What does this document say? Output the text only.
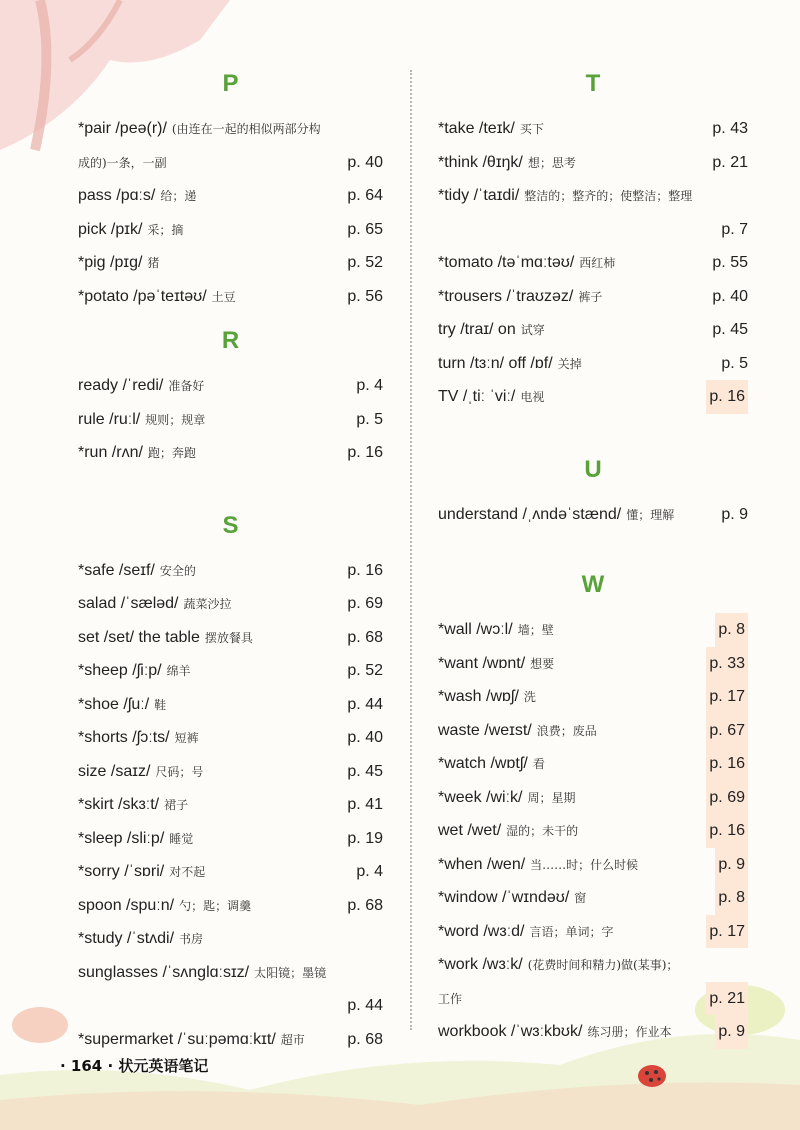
P
*pair /peə(r)/ (由连在一起的相似两部分构
成的)一条，一副	p. 40
pass /pɑːs/ 给；递	p. 64
pick /pɪk/ 采；摘	p. 65
*pig /pɪg/ 猪	p. 52
*potato /pəˈteɪtəʊ/ 土豆	p. 56
R
ready /ˈredi/ 准备好	p. 4
rule /ruːl/ 规则；规章	p. 5
*run /rʌn/ 跑；奔跑	p. 16
S
*safe /seɪf/ 安全的	p. 16
salad /ˈsæləd/ 蔬菜沙拉	p. 69
set /set/ the table 摆放餐具	p. 68
*sheep /ʃiːp/ 绵羊	p. 52
*shoe /ʃuː/ 鞋	p. 44
*shorts /ʃɔːts/ 短裤	p. 40
size /saɪz/ 尺码；号	p. 45
*skirt /skɜːt/ 裙子	p. 41
*sleep /sliːp/ 睡觉	p. 19
*sorry /ˈsɒri/ 对不起	p. 4
spoon /spuːn/ 勺；匙；调羹	p. 68
*study /ˈstʌdi/ 书房
sunglasses /ˈsʌnglɑːsɪz/ 太阳镜；墨镜
p. 44
*supermarket /ˈsuːpəmɑːkɪt/ 超市	p. 68
T
*take /teɪk/ 买下	p. 43
*think /θɪŋk/ 想；思考	p. 21
*tidy /ˈtaɪdi/ 整洁的；整齐的；使整洁；整理
p. 7
*tomato /təˈmɑːtəʊ/ 西红柿	p. 55
*trousers /ˈtraʊzəz/ 裤子	p. 40
try /traɪ/ on 试穿	p. 45
turn /tɜːn/ off /ɒf/ 关掉	p. 5
TV /ˌtiː ˈviː/ 电视	p. 16
U
understand /ˌʌndəˈstænd/ 懂；理解	p. 9
W
*wall /wɔːl/ 墙；壁	p. 8
*want /wɒnt/ 想要	p. 33
*wash /wɒʃ/ 洗	p. 17
waste /weɪst/ 浪费；废品	p. 67
*watch /wɒtʃ/ 看	p. 16
*week /wiːk/ 周；星期	p. 69
wet /wet/ 湿的；未干的	p. 16
*when /wen/ 当……时；什么时候	p. 9
*window /ˈwɪndəʊ/ 窗	p. 8
*word /wɜːd/ 言语；单词；字	p. 17
*work /wɜːk/ (花费时间和精力)做(某事)；
工作	p. 21
workbook /ˈwɜːkbʊk/ 练习册；作业本	p. 9
· 164 · 状元英语笔记
